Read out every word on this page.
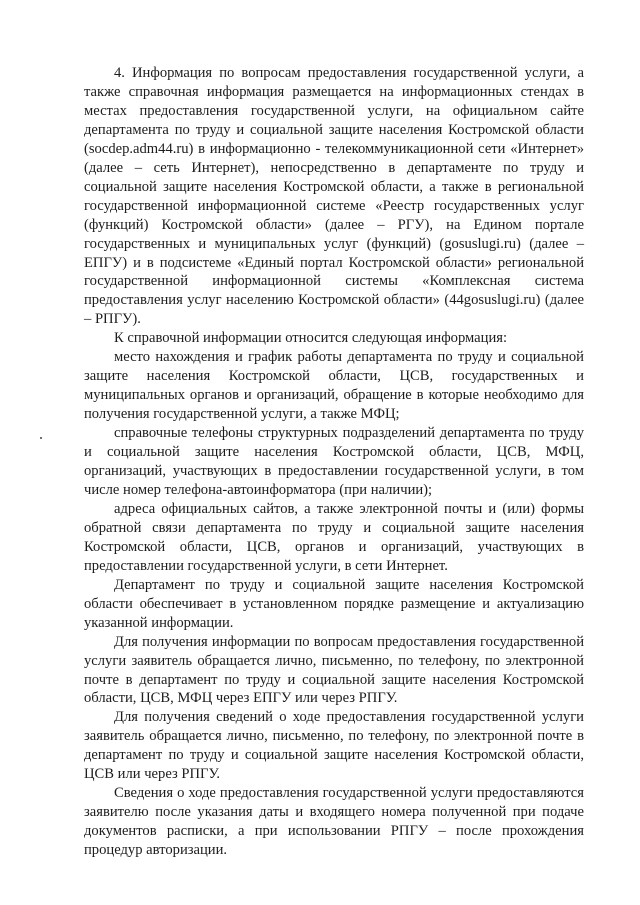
4. Информация по вопросам предоставления государственной услуги, а также справочная информация размещается на информационных стендах в местах предоставления государственной услуги, на официальном сайте департамента по труду и социальной защите населения Костромской области (socdep.adm44.ru) в информационно - телекоммуникационной сети «Интернет» (далее – сеть Интернет), непосредственно в департаменте по труду и социальной защите населения Костромской области, а также в региональной государственной информационной системе «Реестр государственных услуг (функций) Костромской области» (далее – РГУ), на Едином портале государственных и муниципальных услуг (функций) (gosuslugi.ru) (далее – ЕПГУ) и в подсистеме «Единый портал Костромской области» региональной государственной информационной системы «Комплексная система предоставления услуг населению Костромской области» (44gosuslugi.ru) (далее – РПГУ).

К справочной информации относится следующая информация:

место нахождения и график работы департамента по труду и социальной защите населения Костромской области, ЦСВ, государственных и муниципальных органов и организаций, обращение в которые необходимо для получения государственной услуги, а также МФЦ;

справочные телефоны структурных подразделений департамента по труду и социальной защите населения Костромской области, ЦСВ, МФЦ, организаций, участвующих в предоставлении государственной услуги, в том числе номер телефона-автоинформатора (при наличии);

адреса официальных сайтов, а также электронной почты и (или) формы обратной связи департамента по труду и социальной защите населения Костромской области, ЦСВ, органов и организаций, участвующих в предоставлении государственной услуги, в сети Интернет.

Департамент по труду и социальной защите населения Костромской области обеспечивает в установленном порядке размещение и актуализацию указанной информации.

Для получения информации по вопросам предоставления государственной услуги заявитель обращается лично, письменно, по телефону, по электронной почте в департамент по труду и социальной защите населения Костромской области, ЦСВ, МФЦ через ЕПГУ или через РПГУ.

Для получения сведений о ходе предоставления государственной услуги заявитель обращается лично, письменно, по телефону, по электронной почте в департамент по труду и социальной защите населения Костромской области, ЦСВ или через РПГУ.

Сведения о ходе предоставления государственной услуги предоставляются заявителю после указания даты и входящего номера полученной при подаче документов расписки, а при использовании РПГУ – после прохождения процедур авторизации.
